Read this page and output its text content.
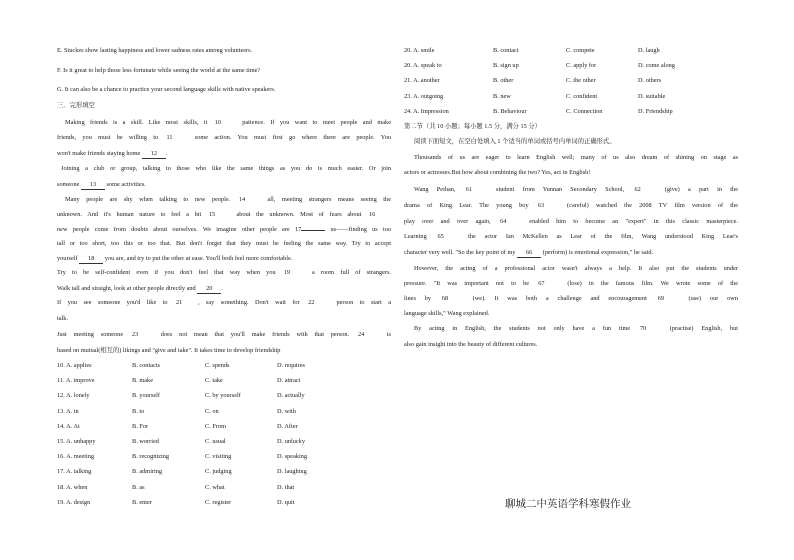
E. Stuckes show lasting happiness and lower sadness rates among volunteers.
F. Is it great to help those less fortunate while seeing the world at the same time?
G. It can also be a chance to practice your second language skills with native speakers.
三．完形填空
Making friends is a skill. Like most skills, it 10 patience. If you want to meet people and make
friends, you must be willing to 11	some action. You must first go where there are people. You
won't make friends staying home 12 .
Joining a club or group, talking to those who like the same things as you do is much easier. Or join
someone 13 some activities.
Many people are shy when talking to new people. 14 all, meeting strangers means seeing the
unknown. And it's human nature to feel a bit 15 about the unknown. Most of fears about 16
new people come from doubts about ourselves. We imagine other people are 17	us——finding us too
tall or too short, too this or too that. But don't forget that they must be feeling the same way. Try to accept
yourself 18 you are, and try to put the other at ease. You'll both feel more comfortable.
Try to be self-confident even if you don't feel that way when you 19 a room full of strangers.
Walk tall and straight, look at other people directly and 20 .
If you see someone you'd like to 21 , say something. Don't wait for 22 person to start a
talk.
Just meeting someone 23 does not mean that you'll make friends with that person. 24 is
based on mutual(相互的) likings and "give and take". It takes time to develop friendship
10. A. applies	B. contacts	C. spends	D. requires
11. A. improve	B. make	C. take	D. attract
12. A. lonely	B. yourself	C. by yourself	D. actually
13. A. in	B. to	C. on	D. with
14. A. At	B. For	C. From	D. After
15. A. unhappy	B. worried	C. usual	D. unlucky
16. A. meeting	B. recognizing	C. visiting	D. speaking
17. A. talking	B. admiring	C. judging	D. laughing
18. A. when	B. as	C. what	D. that
19. A. design	B. enter	C. register	D. quit
20. A. smile	B. contact	C. compete	D. laugh
20. A. speak to	B. sign up	C. apply for	D. come along
21. A. another	B. other	C. the other	D. others
23. A. outgoing	B. new	C. confident	D. suitable
24. A. Impression	B. Behaviour	C. Connection	D. Friendship
第二节（共 10 小题；每小题 1.5 分，满分 15 分）
阅读下面短文，在空白处填入 1 个适当的单词或括号内单词的正确形式。
Thousands of us are eager to learn English well; many of us also dream of shining on stage as
actors or actresses.But how about combining the two? Yes, act in English!
Wang Peihan, 61 student from Yunnan Secondary School, 62 (give) a part in the
drama of King Lear. The young boy 63 (careful) watched the 2008 TV film version of the
play over and over again, 64 enabled him to become an "expert" in this classic masterpiece.
Learning 65 the actor Ian McKellen as Lear of the film, Wang understood King Lear's
character very well. "So the key point of my 66 (perform) is emotional expression," he said.
However, the acting of a professional actor wasn't always a help. It also put the students under
pressure. "It was important not to be 67 (lose) in the famous film. We wrote some of the
lines by 68 (we). It was both a challenge and encouragement 69 (use) our own
language skills," Wang explained.
By acting in English, the students not only have a fun time 70 (practise) English, but
also gain insight into the beauty of different cultures.
聊城二中英语学科寒假作业
